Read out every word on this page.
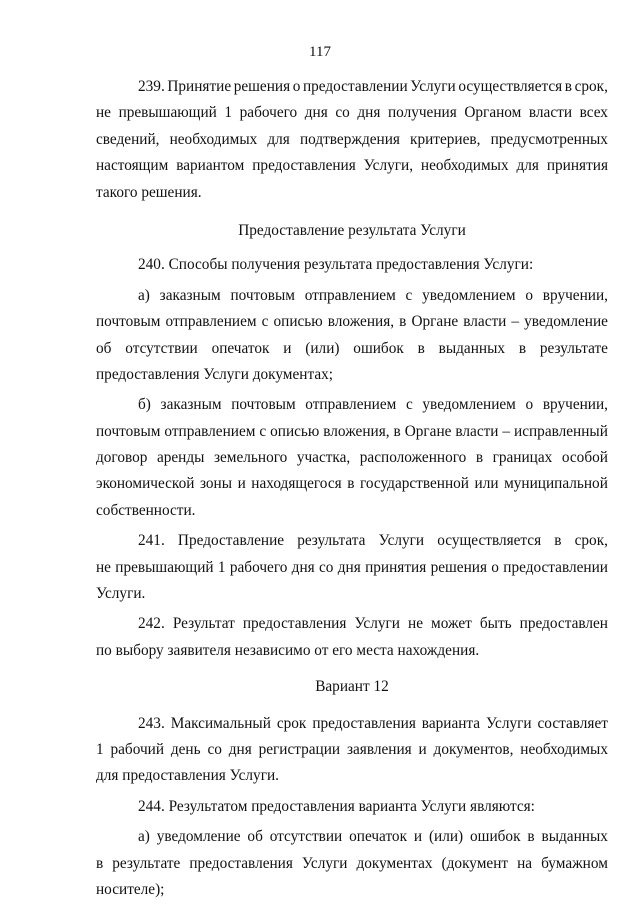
117
239. Принятие решения о предоставлении Услуги осуществляется в срок,
не превышающий 1 рабочего дня со дня получения Органом власти всех
сведений, необходимых для подтверждения критериев, предусмотренных
настоящим вариантом предоставления Услуги, необходимых для принятия
такого решения.
Предоставление результата Услуги
240. Способы получения результата предоставления Услуги:
а) заказным почтовым отправлением с уведомлением о вручении,
почтовым отправлением с описью вложения, в Органе власти – уведомление
об отсутствии опечаток и (или) ошибок в выданных в результате
предоставления Услуги документах;
б) заказным почтовым отправлением с уведомлением о вручении,
почтовым отправлением с описью вложения, в Органе власти – исправленный
договор аренды земельного участка, расположенного в границах особой
экономической зоны и находящегося в государственной или муниципальной
собственности.
241. Предоставление результата Услуги осуществляется в срок,
не превышающий 1 рабочего дня со дня принятия решения о предоставлении
Услуги.
242. Результат предоставления Услуги не может быть предоставлен
по выбору заявителя независимо от его места нахождения.
Вариант 12
243. Максимальный срок предоставления варианта Услуги составляет
1 рабочий день со дня регистрации заявления и документов, необходимых
для предоставления Услуги.
244. Результатом предоставления варианта Услуги являются:
а) уведомление об отсутствии опечаток и (или) ошибок в выданных
в результате предоставления Услуги документах (документ на бумажном
носителе);
